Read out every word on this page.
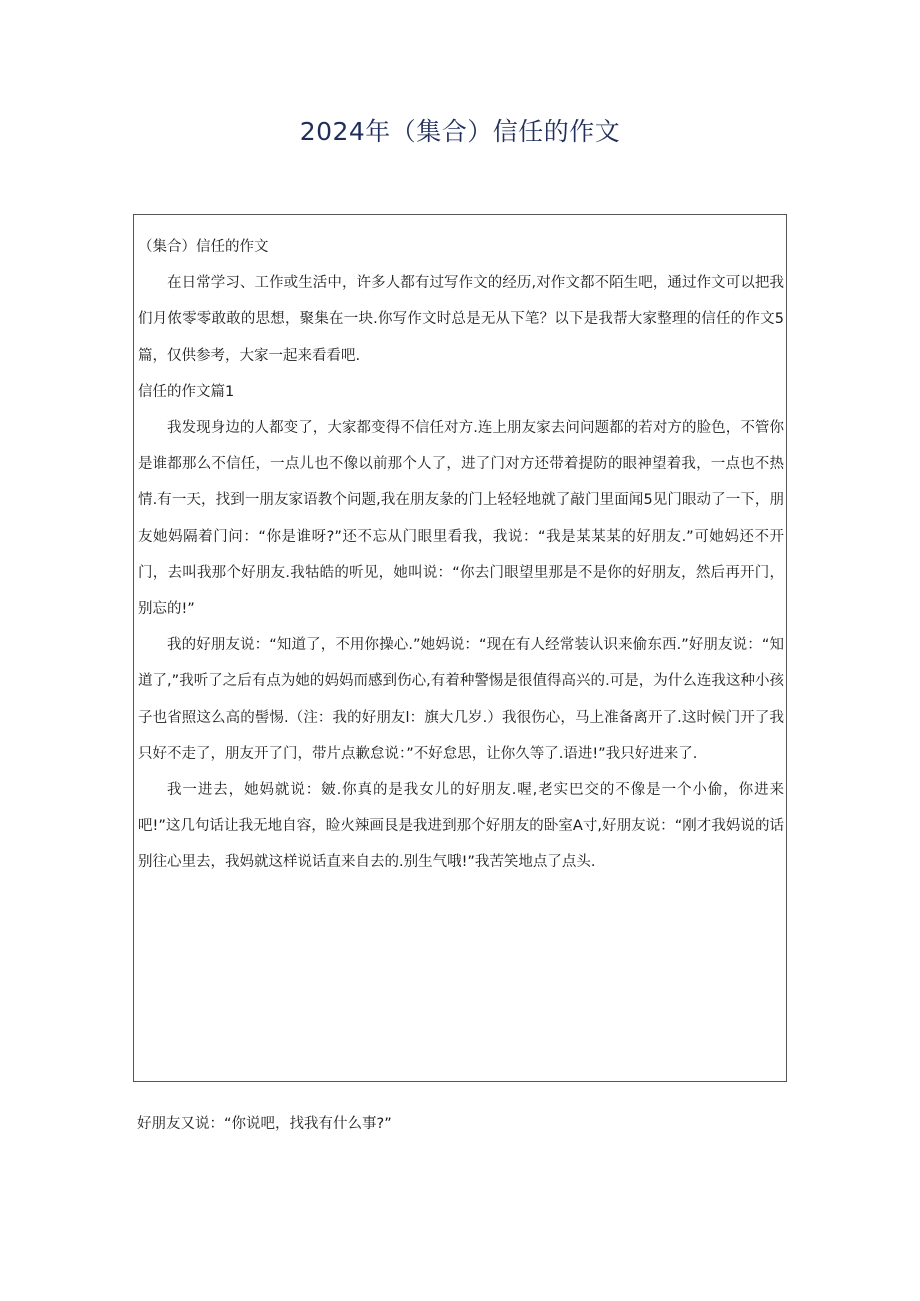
2024年（集合）信任的作文

（集合）信任的作文

在日常学习、工作或生活中，许多人都有过写作文的经历,对作文都不陌生吧，通过作文可以把我们月侬零零敢敢的思想，聚集在一块.你写作文时总是无从下笔？以下是我帮大家整理的信任的作文5篇，仅供参考，大家一起来看看吧.

信任的作文篇1

我发现身边的人都变了，大家都变得不信任对方.连上朋友家去问问题都的若对方的脸色，不管你是谁都那么不信任，一点儿也不像以前那个人了，进了门对方还带着提防的眼神望着我，一点也不热情.有一天，找到一朋友家语教个问题,我在朋友彖的门上轻轻地就了敲门里面闻5见门眼动了一下，朋友她妈隔着门问：“你是谁呀?”还不忘从门眼里看我，我说：“我是某某某的好朋友.”可她妈还不开门，去叫我那个好朋友.我牯皓的听见，她叫说：“你去门眼望里那是不是你的好朋友，然后再开门，别忘的!”

我的好朋友说：“知道了，不用你操心.”她妈说：“现在有人经常装认识来偷东西.”好朋友说：“知道了,”我听了之后有点为她的妈妈而感到伤心,有着种警惕是很值得高兴的.可是，为什么连我这种小孩子也省照这么高的髻惕.（注：我的好朋友l：旗大几岁.）我很伤心，马上准备离开了.这时候门开了我只好不走了，朋友开了门，带片点歉怠说：”不好怠思，让你久等了.语进!”我只好进来了.

我一进去，她妈就说：皴.你真的是我女儿的好朋友.喔,老实巴交的不像是一个小偷，你进来吧!”这几句话让我无地自容，睑火辣画艮是我进到那个好朋友的卧室A寸,好朋友说：“刚才我妈说的话别往心里去，我妈就这样说话直来自去的.别生气哦!”我苦笑地点了点头.

好朋友又说：“你说吧，找我有什么事?”
